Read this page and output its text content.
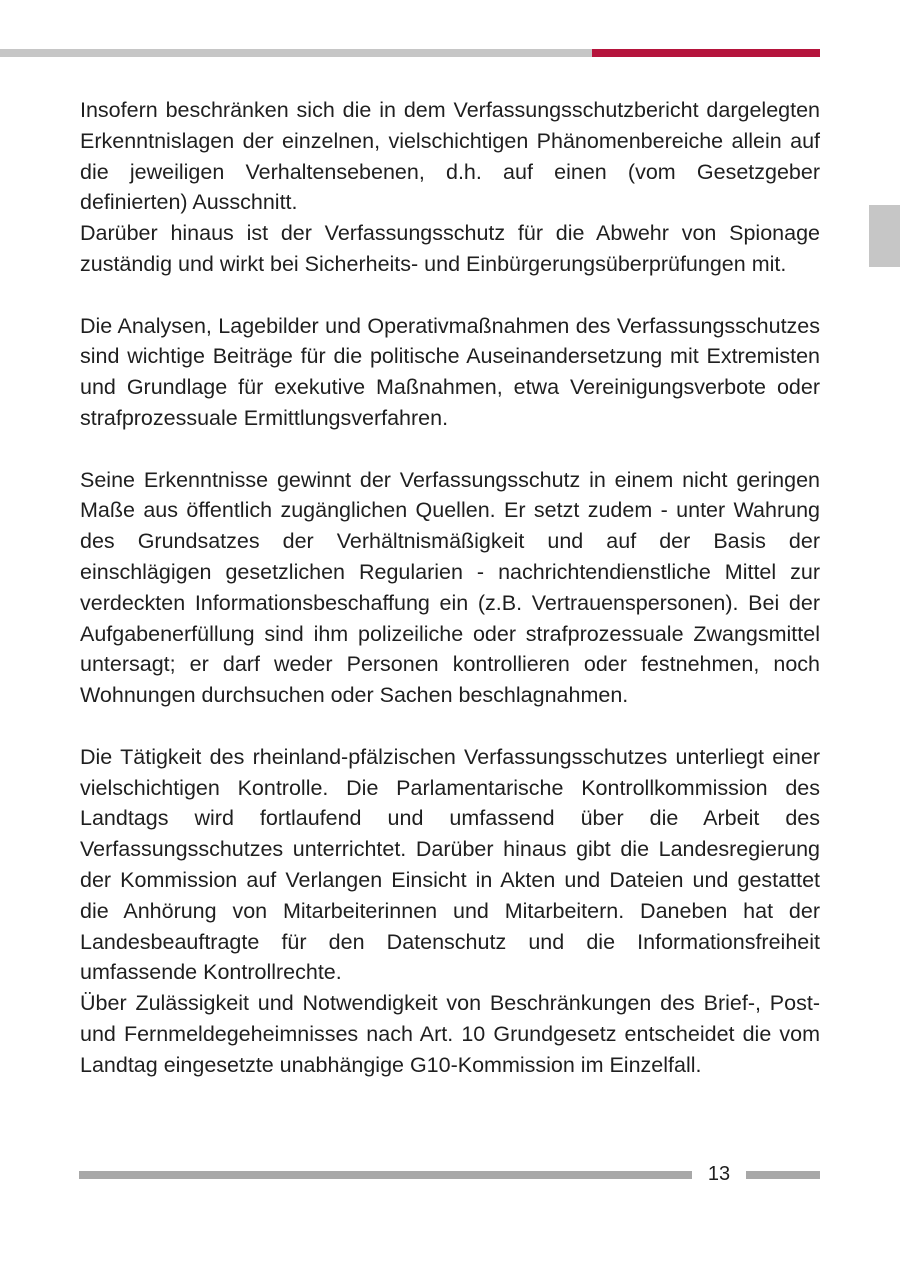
Insofern beschränken sich die in dem Verfassungsschutzbericht dargelegten Erkenntnislagen der einzelnen, vielschichtigen Phänomenbereiche allein auf die jeweiligen Verhaltensebenen, d.h. auf einen (vom Gesetzgeber definierten) Ausschnitt.

Darüber hinaus ist der Verfassungsschutz für die Abwehr von Spionage zuständig und wirkt bei Sicherheits- und Einbürgerungsüberprüfungen mit.

Die Analysen, Lagebilder und Operativmaßnahmen des Verfassungsschutzes sind wichtige Beiträge für die politische Auseinandersetzung mit Extremisten und Grundlage für exekutive Maßnahmen, etwa Vereinigungsverbote oder strafprozessuale Ermittlungsverfahren.

Seine Erkenntnisse gewinnt der Verfassungsschutz in einem nicht geringen Maße aus öffentlich zugänglichen Quellen. Er setzt zudem - unter Wahrung des Grundsatzes der Verhältnismäßigkeit und auf der Basis der einschlägigen gesetzlichen Regularien - nachrichtendienstliche Mittel zur verdeckten Informationsbeschaffung ein (z.B. Vertrauenspersonen). Bei der Aufgabenerfüllung sind ihm polizeiliche oder strafprozessuale Zwangsmittel untersagt; er darf weder Personen kontrollieren oder festnehmen, noch Wohnungen durchsuchen oder Sachen beschlagnahmen.

Die Tätigkeit des rheinland-pfälzischen Verfassungsschutzes unterliegt einer vielschichtigen Kontrolle. Die Parlamentarische Kontrollkommission des Landtags wird fortlaufend und umfassend über die Arbeit des Verfassungsschutzes unterrichtet. Darüber hinaus gibt die Landesregierung der Kommission auf Verlangen Einsicht in Akten und Dateien und gestattet die Anhörung von Mitarbeiterinnen und Mitarbeitern. Daneben hat der Landesbeauftragte für den Datenschutz und die Informationsfreiheit umfassende Kontrollrechte.

Über Zulässigkeit und Notwendigkeit von Beschränkungen des Brief-, Post- und Fernmeldegeheimnisses nach Art. 10 Grundgesetz entscheidet die vom Landtag eingesetzte unabhängige G10-Kommission im Einzelfall.

13
